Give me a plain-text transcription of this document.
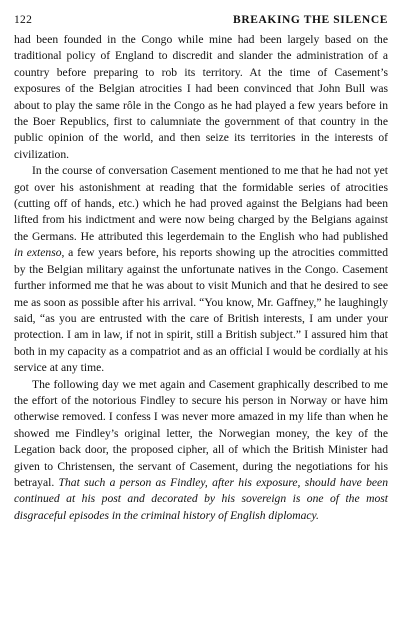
122	BREAKING THE SILENCE

had been founded in the Congo while mine had been largely based on the traditional policy of England to discredit and slander the administration of a country before preparing to rob its territory. At the time of Casement’s exposures of the Belgian atrocities I had been convinced that John Bull was about to play the same rôle in the Congo as he had played a few years before in the Boer Republics, first to calumniate the government of that country in the public opinion of the world, and then seize its territories in the interests of civilization.

In the course of conversation Casement mentioned to me that he had not yet got over his astonishment at reading that the formidable series of atrocities (cutting off of hands, etc.) which he had proved against the Belgians had been lifted from his indictment and were now being charged by the Belgians against the Germans. He attributed this legerdemain to the English who had published in extenso, a few years before, his reports showing up the atrocities committed by the Belgian military against the unfortunate natives in the Congo. Casement further informed me that he was about to visit Munich and that he desired to see me as soon as possible after his arrival. “You know, Mr. Gaffney,” he laughingly said, “as you are entrusted with the care of British interests, I am under your protection. I am in law, if not in spirit, still a British subject.” I assured him that both in my capacity as a compatriot and as an official I would be cordially at his service at any time.

The following day we met again and Casement graphically described to me the effort of the notorious Findley to secure his person in Norway or have him otherwise removed. I confess I was never more amazed in my life than when he showed me Findley’s original letter, the Norwegian money, the key of the Legation back door, the proposed cipher, all of which the British Minister had given to Christensen, the servant of Casement, during the negotiations for his betrayal. That such a person as Findley, after his exposure, should have been continued at his post and decorated by his sovereign is one of the most disgraceful episodes in the criminal history of English diplomacy.
